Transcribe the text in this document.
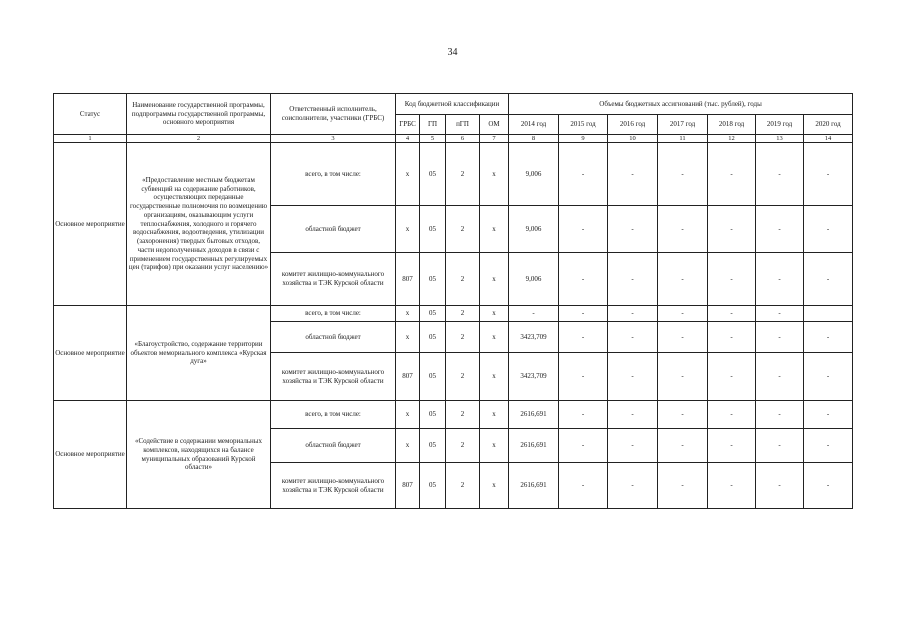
34
Статус	Наименование государственной программы, подпрограммы государственной программы, основного мероприятия	Ответственный исполнитель, соисполнители, участники (ГРБС)	Код бюджетной классификации				Объемы бюджетных ассигнований (тыс. рублей), годы						
			ГРБС	ГП	пГП	ОМ	2014 год	2015 год	2016 год	2017 год	2018 год	2019 год	2020 год
1	2	3	4	5	6	7	8	9	10	11	12	13	14
Основное мероприятие	«Предоставление местным бюджетам субвенций на содержание работников, осуществляющих переданные государственные полномочия по возмещению организациям, оказывающим услуги теплоснабжения, холодного и горячего водоснабжения, водоотведения, утилизации (захоронения) твердых бытовых отходов, части недополученных доходов в связи с применением государственных регулируемых цен (тарифов) при оказании услуг населению»	всего, в том числе:	х	05	2	х	9,006	-	-	-	-	-	-
		областной бюджет	х	05	2	х	9,006	-	-	-	-	-	-
		комитет жилищно-коммунального хозяйства и ТЭК Курской области	807	05	2	х	9,006	-	-	-	-	-	-
Основное мероприятие	«Благоустройство, содержание территории объектов мемориального комплекса «Курская дуга»	всего, в том числе:	х	05	2	х	-	-	-	-	-	-	
		областной бюджет	х	05	2	х	3423,709	-	-	-	-	-	-
		комитет жилищно-коммунального хозяйства и ТЭК Курской области	807	05	2	х	3423,709	-	-	-	-	-	-
Основное мероприятие	«Содействие в содержании мемориальных комплексов, находящихся на балансе муниципальных образований Курской области»	всего, в том числе:	х	05	2	х	2616,691	-	-	-	-	-	-
		областной бюджет	х	05	2	х	2616,691	-	-	-	-	-	-
		комитет жилищно-коммунального хозяйства и ТЭК Курской области	807	05	2	х	2616,691	-	-	-	-	-	-
